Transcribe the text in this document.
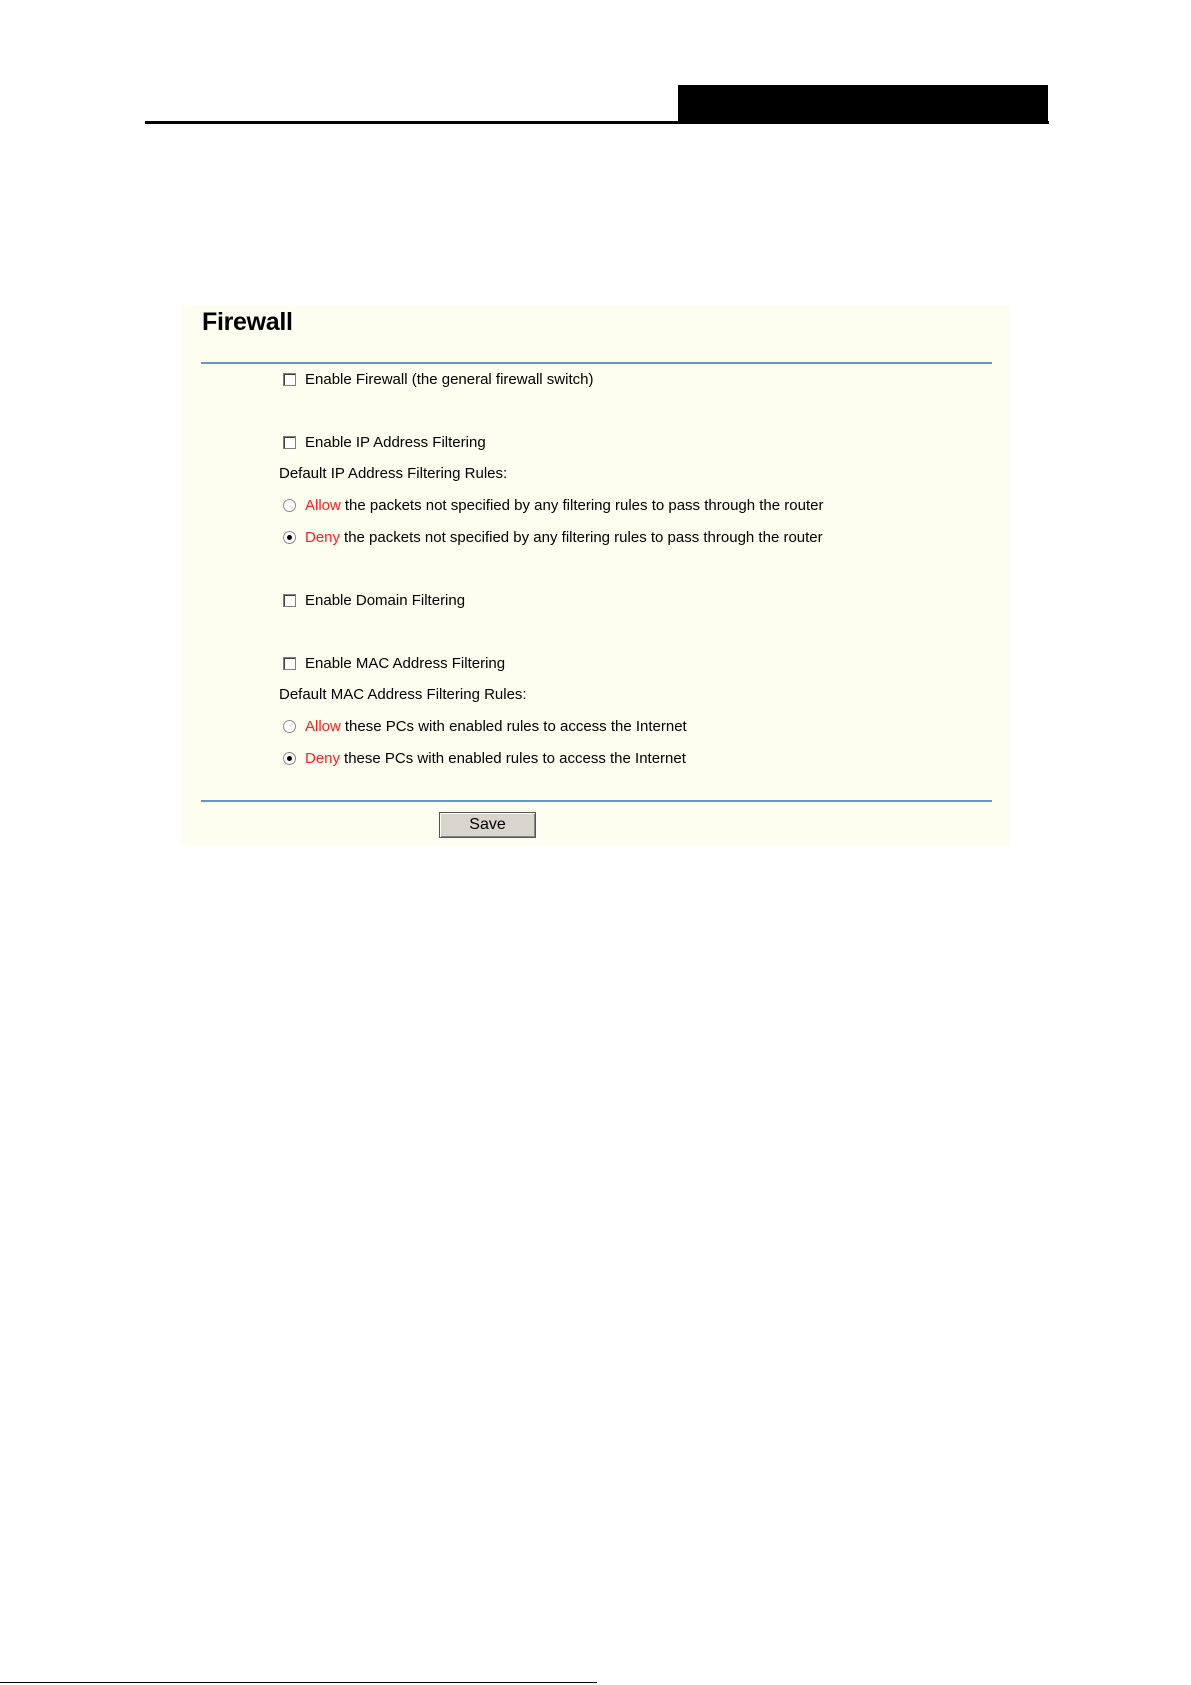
Firewall
Enable Firewall (the general firewall switch)
Enable IP Address Filtering
Default IP Address Filtering Rules:
Allow the packets not specified by any filtering rules to pass through the router
Deny the packets not specified by any filtering rules to pass through the router
Enable Domain Filtering
Enable MAC Address Filtering
Default MAC Address Filtering Rules:
Allow these PCs with enabled rules to access the Internet
Deny these PCs with enabled rules to access the Internet
Save
